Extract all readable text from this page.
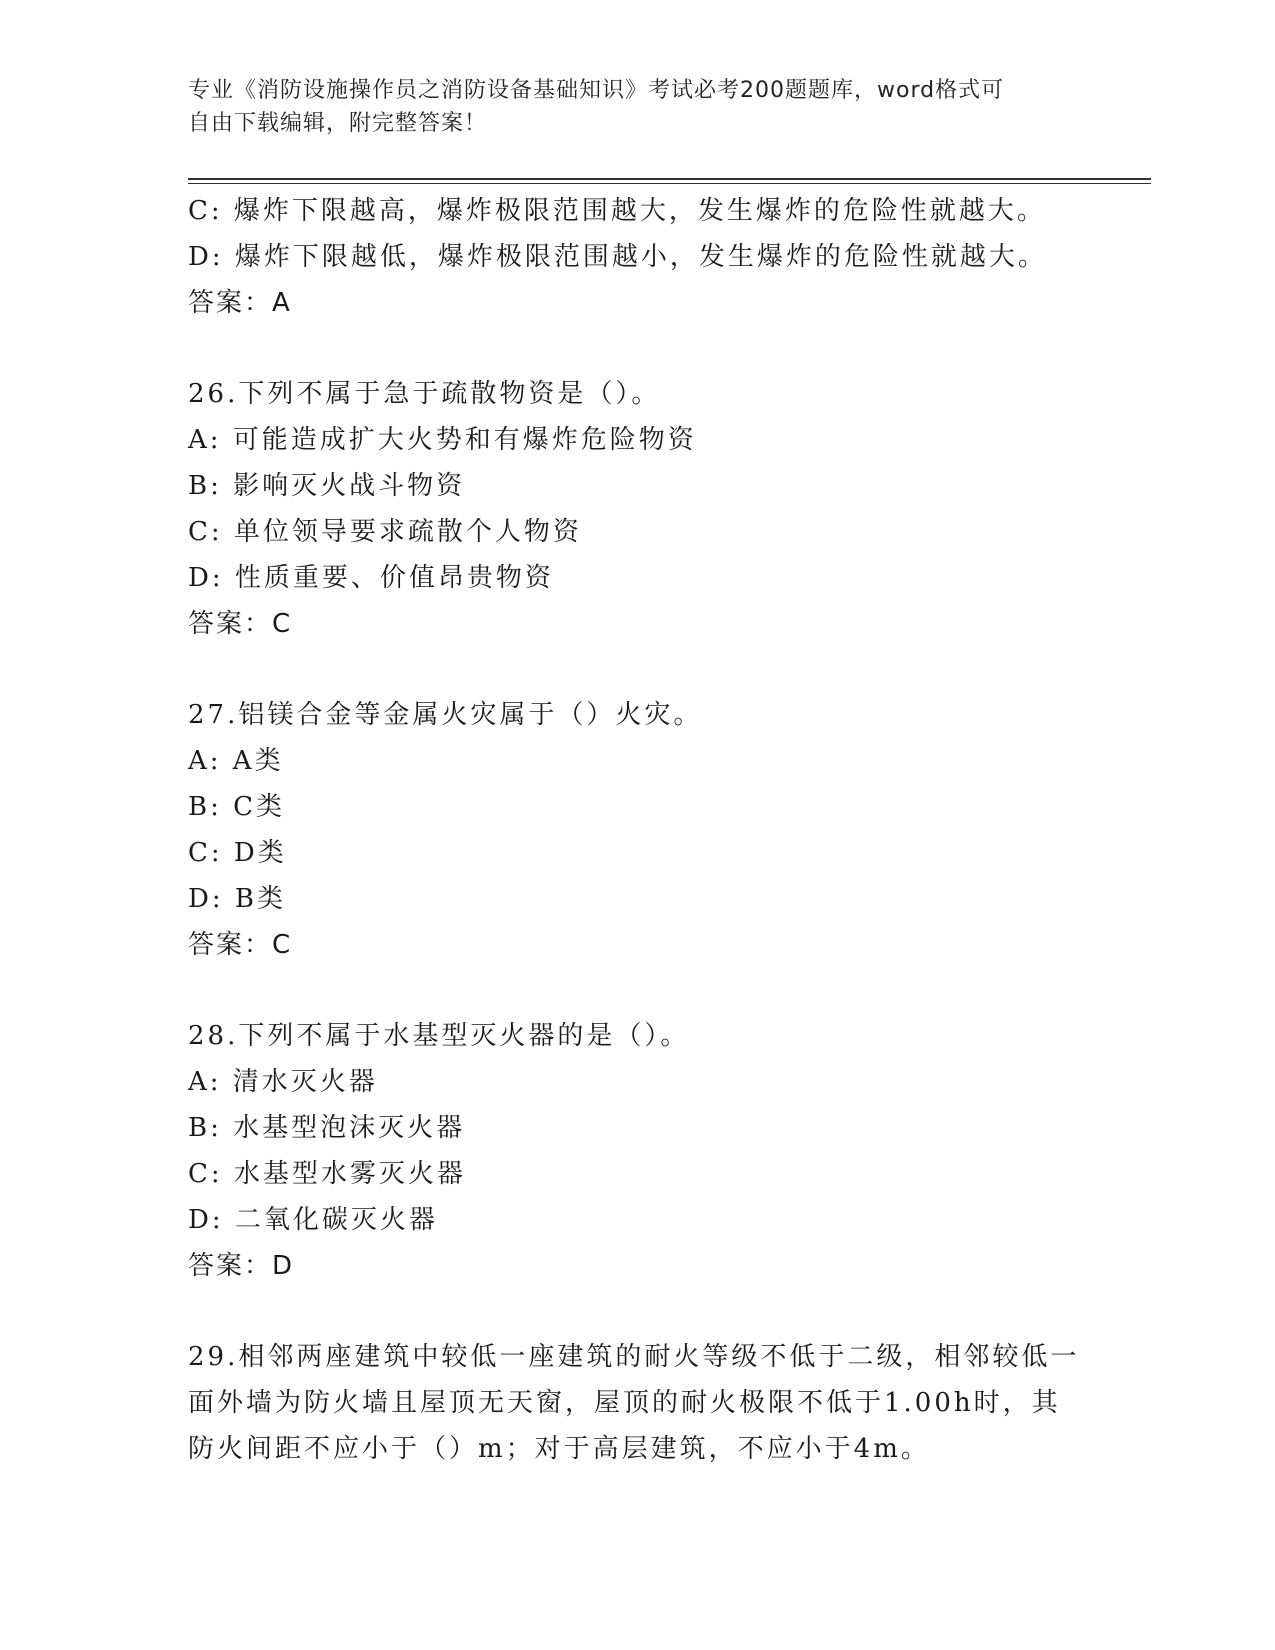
专业《消防设施操作员之消防设备基础知识》考试必考200题题库，word格式可
自由下载编辑，附完整答案！
C: 爆炸下限越高，爆炸极限范围越大，发生爆炸的危险性就越大。
D: 爆炸下限越低，爆炸极限范围越小，发生爆炸的危险性就越大。
答案：A
26.下列不属于急于疏散物资是（）。
A: 可能造成扩大火势和有爆炸危险物资
B: 影响灭火战斗物资
C: 单位领导要求疏散个人物资
D: 性质重要、价值昂贵物资
答案：C
27.铝镁合金等金属火灾属于（）火灾。
A: A类
B: C类
C: D类
D: B类
答案：C
28.下列不属于水基型灭火器的是（）。
A: 清水灭火器
B: 水基型泡沫灭火器
C: 水基型水雾灭火器
D: 二氧化碳灭火器
答案：D
29.相邻两座建筑中较低一座建筑的耐火等级不低于二级，相邻较低一
面外墙为防火墙且屋顶无天窗，屋顶的耐火极限不低于1.00h时，其
防火间距不应小于（）m；对于高层建筑，不应小于4m。
